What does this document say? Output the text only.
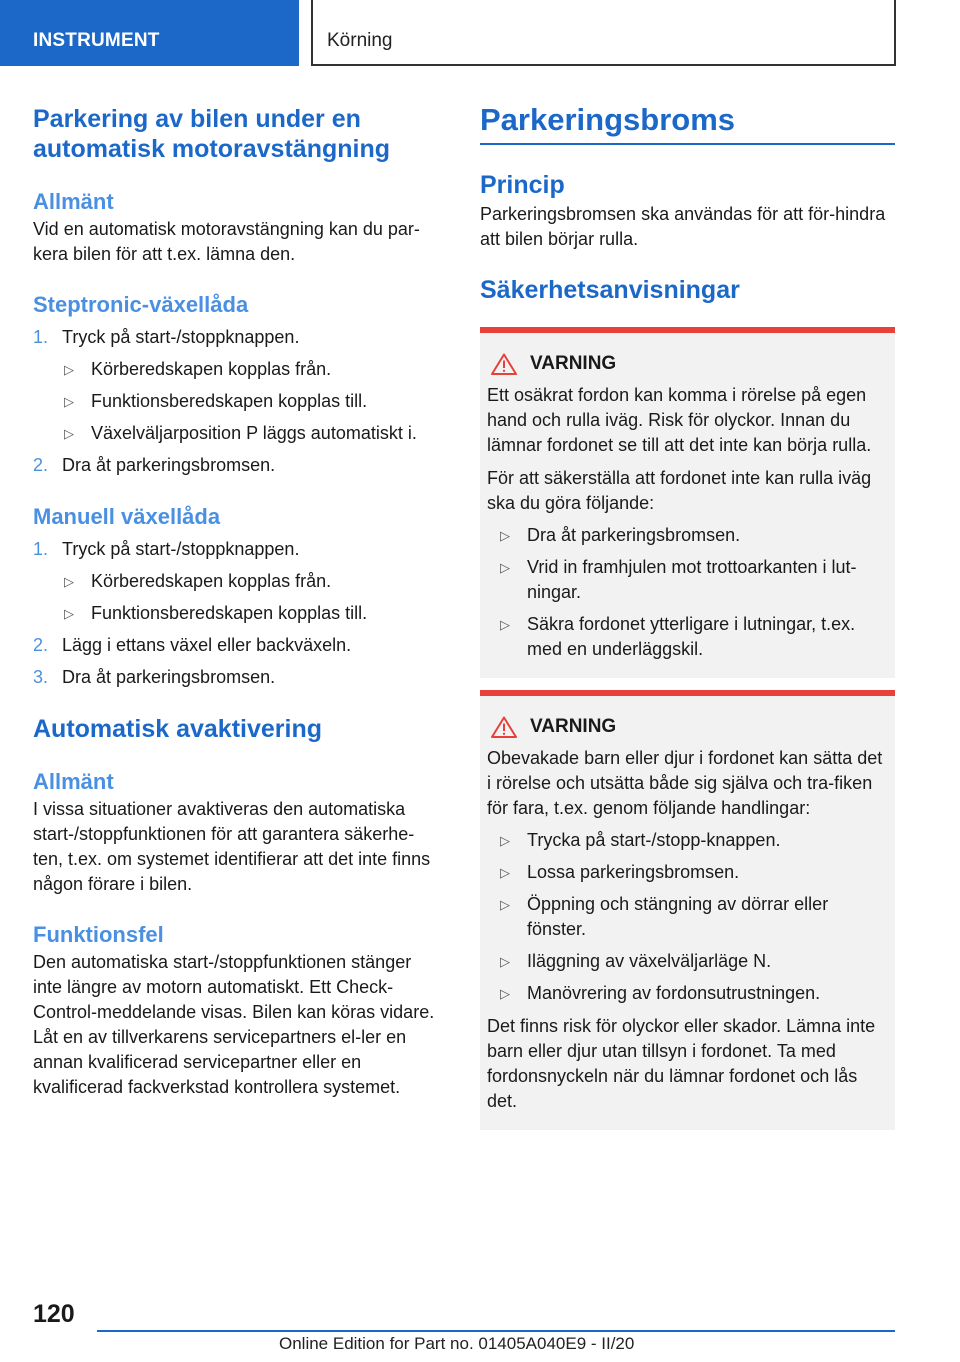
INSTRUMENT	Körning
Parkering av bilen under en automatisk motoravstängning
Allmänt

Vid en automatisk motoravstängning kan du par-kera bilen för att t.ex. lämna den.

Steptronic-växellåda
1. Tryck på start-/stoppknappen.
▷ Körberedskapen kopplas från.
▷ Funktionsberedskapen kopplas till.
▷ Växelväljarposition P läggs automatiskt i.
2. Dra åt parkeringsbromsen.
Manuell växellåda
1. Tryck på start-/stoppknappen.
▷ Körberedskapen kopplas från.
▷ Funktionsberedskapen kopplas till.
2. Lägg i ettans växel eller backväxeln.
3. Dra åt parkeringsbromsen.
Automatisk avaktivering
Allmänt

I vissa situationer avaktiveras den automatiska start-/stoppfunktionen för att garantera säkerhe-ten, t.ex. om systemet identifierar att det inte finns någon förare i bilen.

Funktionsfel

Den automatiska start-/stoppfunktionen stänger inte längre av motorn automatiskt. Ett Check-Control-meddelande visas. Bilen kan köras vidare. Låt en av tillverkarens servicepartners el-ler en annan kvalificerad servicepartner eller en kvalificerad fackverkstad kontrollera systemet.

Parkeringsbroms
Princip

Parkeringsbromsen ska användas för att för-hindra att bilen börjar rulla.

Säkerhetsanvisningar
VARNING

Ett osäkrat fordon kan komma i rörelse på egen hand och rulla iväg. Risk för olyckor. Innan du lämnar fordonet se till att det inte kan börja rulla.

För att säkerställa att fordonet inte kan rulla iväg ska du göra följande:

▷ Dra åt parkeringsbromsen.
▷ Vrid in framhjulen mot trottoarkanten i lut-ningar.
▷ Säkra fordonet ytterligare i lutningar, t.ex. med en underläggskil.
VARNING

Obevakade barn eller djur i fordonet kan sätta det i rörelse och utsätta både sig själva och tra-fiken för fara, t.ex. genom följande handlingar:

▷ Trycka på start-/stopp-knappen.
▷ Lossa parkeringsbromsen.
▷ Öppning och stängning av dörrar eller fönster.
▷ Iläggning av växelväljarläge N.
▷ Manövrering av fordonsutrustningen.

Det finns risk för olyckor eller skador. Lämna inte barn eller djur utan tillsyn i fordonet. Ta med fordonsnyckeln när du lämnar fordonet och lås det.

120
Online Edition for Part no. 01405A040E9 - II/20
